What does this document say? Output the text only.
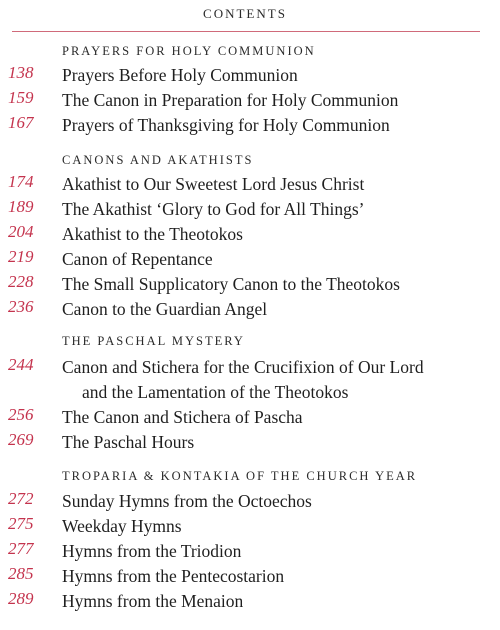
CONTENTS
PRAYERS FOR HOLY COMMUNION
138 Prayers Before Holy Communion
159 The Canon in Preparation for Holy Communion
167 Prayers of Thanksgiving for Holy Communion
CANONS AND AKATHISTS
174 Akathist to Our Sweetest Lord Jesus Christ
189 The Akathist ‘Glory to God for All Things’
204 Akathist to the Theotokos
219 Canon of Repentance
228 The Small Supplicatory Canon to the Theotokos
236 Canon to the Guardian Angel
THE PASCHAL MYSTERY
244 Canon and Stichera for the Crucifixion of Our Lord
and the Lamentation of the Theotokos
256 The Canon and Stichera of Pascha
269 The Paschal Hours
TROPARIA & KONTAKIA OF THE CHURCH YEAR
272 Sunday Hymns from the Octoechos
275 Weekday Hymns
277 Hymns from the Triodion
285 Hymns from the Pentecostarion
289 Hymns from the Menaion
